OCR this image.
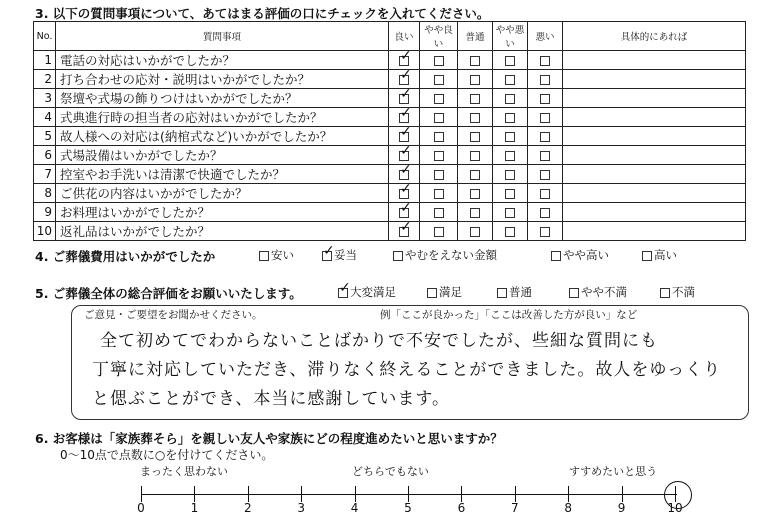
3. 以下の質問事項について、あてはまる評価の口にチェックを入れてください。
No.	質問事項	良い	やや良い	普通	やや悪い	悪い	具体的にあれば
1	電話の対応はいかがでしたか？	✓					
2	打ち合わせの応対・説明はいかがでしたか？	✓					
3	祭壇や式場の飾りつけはいかがでしたか？	✓					
4	式典進行時の担当者の応対はいかがでしたか？	✓					
5	故人様への対応は(納棺式など)いかがでしたか？	✓					
6	式場設備はいかがでしたか？	✓					
7	控室やお手洗いは清潔で快適でしたか？	✓					
8	ご供花の内容はいかがでしたか？	✓					
9	お料理はいかがでしたか？	✓					
10	返礼品はいかがでしたか？	✓					
4. ご葬儀費用はいかがでしたか	安い ✓	妥当	やむをえない金額	やや高い	高い
5. ご葬儀全体の総合評価をお願いいたします。 ✓	大変満足	満足	普通	やや不満	不満
ご意見・ご要望をお聞かせください。	例「ここが良かった」「ここは改善した方が良い」など
全て初めてでわからないことばかりで不安でしたが、些細な質問にも
丁寧に対応していただき、滞りなく終えることができました。故人をゆっくり
と偲ぶことができ、本当に感謝しています。
6. お客様は「家族葬そら」を親しい友人や家族にどの程度進めたいと思いますか？
0～10点で点数に○を付けてください。
まったく思わない	どちらでもない	すすめたいと思う
0	1	2	3	4	5	6	7	8	9	10
